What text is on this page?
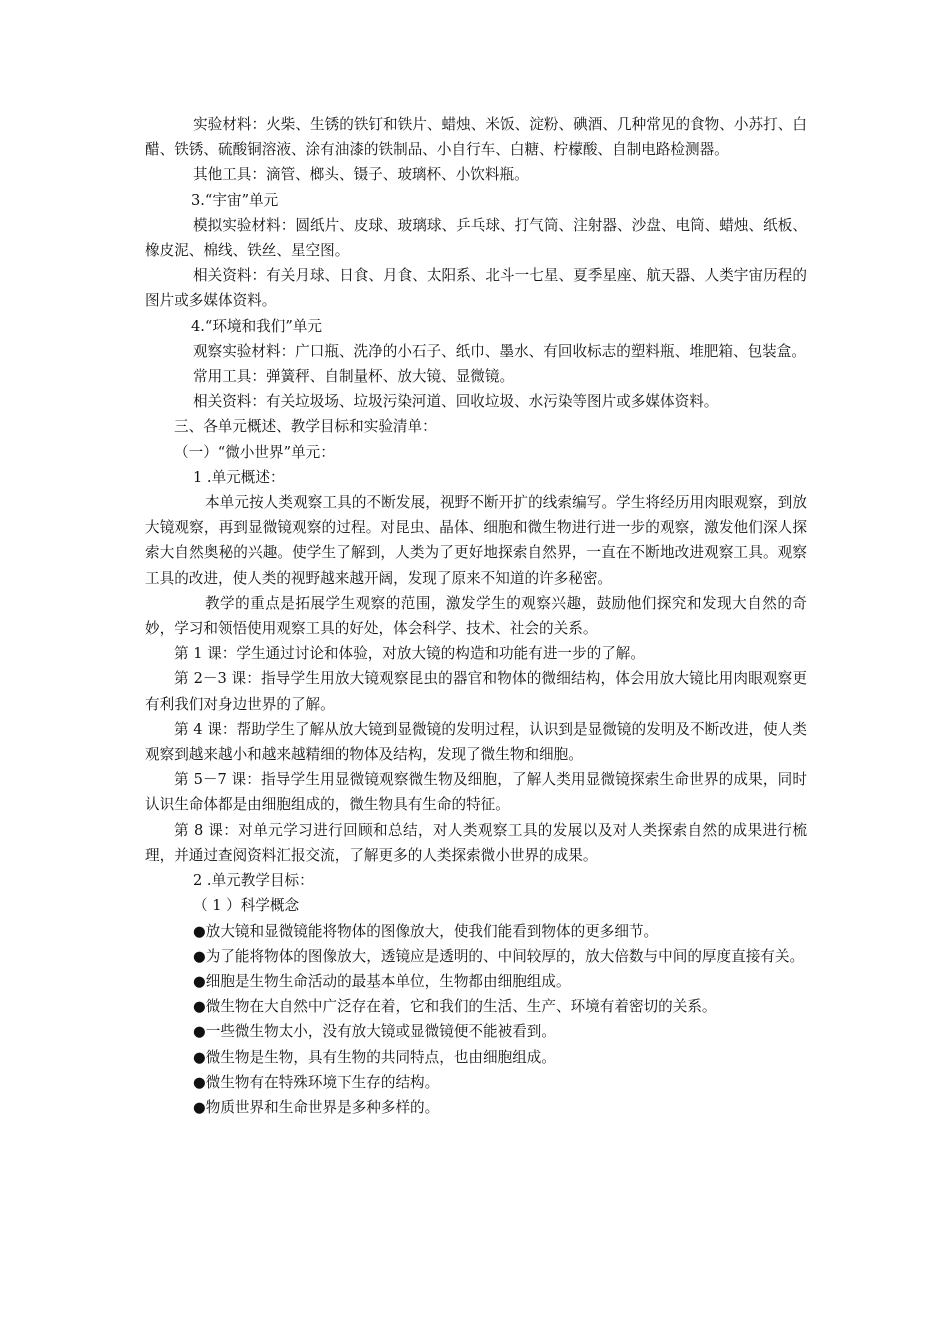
实验材料：火柴、生锈的铁钉和铁片、蜡烛、米饭、淀粉、碘酒、几种常见的食物、小苏打、白醋、铁锈、硫酸铜溶液、涂有油漆的铁制品、小自行车、白糖、柠檬酸、自制电路检测器。

其他工具：滴管、榔头、镊子、玻璃杯、小饮料瓶。

3.“宇宙”单元

模拟实验材料：圆纸片、皮球、玻璃球、乒乓球、打气筒、注射器、沙盘、电筒、蜡烛、纸板、橡皮泥、棉线、铁丝、星空图。

相关资料：有关月球、日食、月食、太阳系、北斗一七星、夏季星座、航天器、人类宇宙历程的图片或多媒体资料。

4.“环境和我们”单元

观察实验材料：广口瓶、洗净的小石子、纸巾、墨水、有回收标志的塑料瓶、堆肥箱、包装盒。

常用工具：弹簧秤、自制量杯、放大镜、显微镜。

相关资料：有关垃圾场、垃圾污染河道、回收垃圾、水污染等图片或多媒体资料。

三、各单元概述、教学目标和实验清单：

（一）“微小世界”单元：

1 .单元概述：

本单元按人类观察工具的不断发展，视野不断开扩的线索编写。学生将经历用肉眼观察，到放大镜观察，再到显微镜观察的过程。对昆虫、晶体、细胞和微生物进行进一步的观察，激发他们深人探索大自然奥秘的兴趣。使学生了解到，人类为了更好地探索自然界，一直在不断地改进观察工具。观察工具的改进，使人类的视野越来越开阔，发现了原来不知道的许多秘密。

教学的重点是拓展学生观察的范围，激发学生的观察兴趣，鼓励他们探究和发现大自然的奇妙，学习和领悟使用观察工具的好处，体会科学、技术、社会的关系。

第 1 课：学生通过讨论和体验，对放大镜的构造和功能有进一步的了解。

第 2－3 课：指导学生用放大镜观察昆虫的器官和物体的微细结构，体会用放大镜比用肉眼观察更有利我们对身边世界的了解。

第 4 课：帮助学生了解从放大镜到显微镜的发明过程，认识到是显微镜的发明及不断改进，使人类观察到越来越小和越来越精细的物体及结构，发现了微生物和细胞。

第 5－7 课：指导学生用显微镜观察微生物及细胞，了解人类用显微镜探索生命世界的成果，同时认识生命体都是由细胞组成的，微生物具有生命的特征。

第 8 课：对单元学习进行回顾和总结，对人类观察工具的发展以及对人类探索自然的成果进行梳理，并通过查阅资料汇报交流，了解更多的人类探索微小世界的成果。

2 .单元教学目标：

（ 1 ）科学概念

●放大镜和显微镜能将物体的图像放大，使我们能看到物体的更多细节。

●为了能将物体的图像放大，透镜应是透明的、中间较厚的，放大倍数与中间的厚度直接有关。

●细胞是生物生命活动的最基本单位，生物都由细胞组成。

●微生物在大自然中广泛存在着，它和我们的生活、生产、环境有着密切的关系。

●一些微生物太小，没有放大镜或显微镜便不能被看到。

●微生物是生物，具有生物的共同特点，也由细胞组成。

●微生物有在特殊环境下生存的结构。

●物质世界和生命世界是多种多样的。
